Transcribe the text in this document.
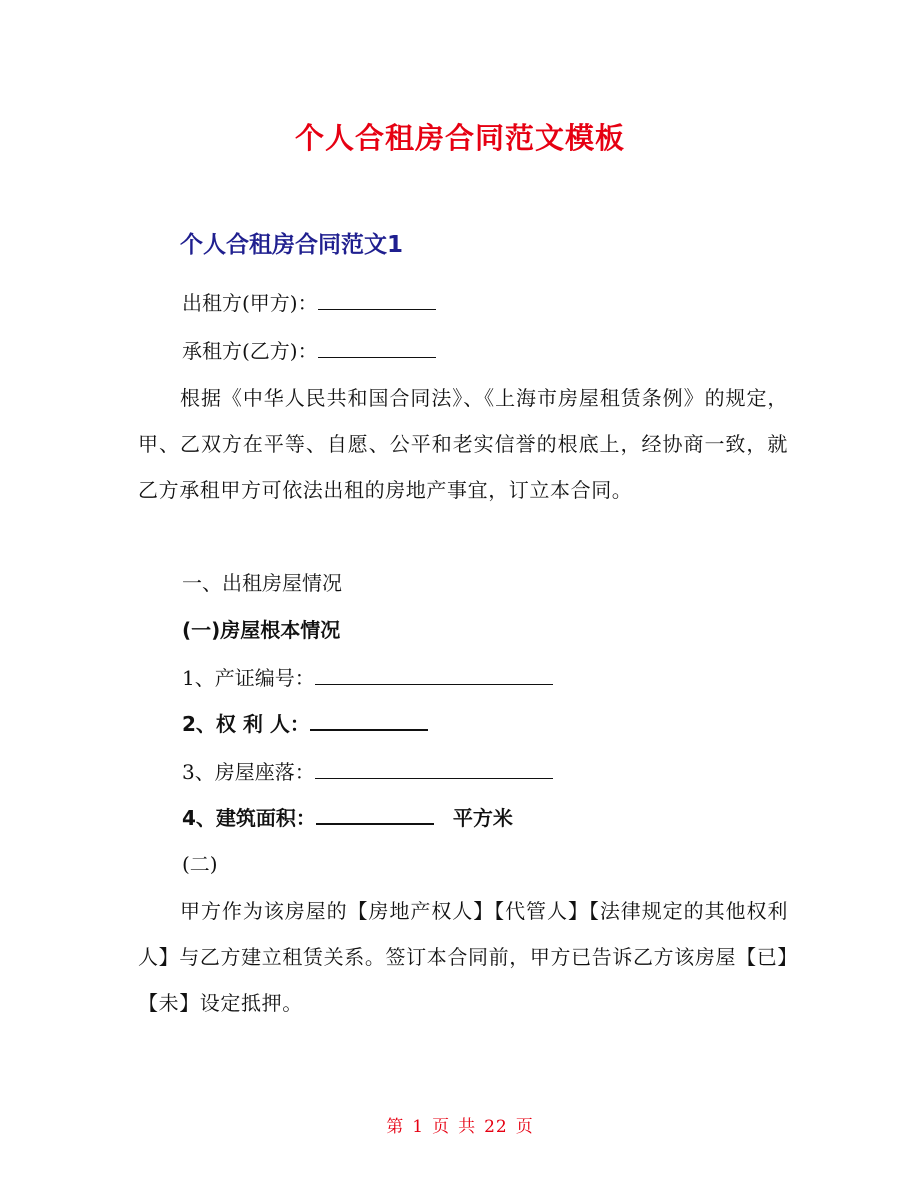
个人合租房合同范文模板
个人合租房合同范文1
出租方(甲方)：
承租方(乙方)：
根据《中华人民共和国合同法》、《上海市房屋租赁条例》的规定，甲、乙双方在平等、自愿、公平和老实信誉的根底上，经协商一致，就乙方承租甲方可依法出租的房地产事宜，订立本合同。
一、出租房屋情况
(一)房屋根本情况
1、产证编号：
2、权 利 人：
3、房屋座落：
4、建筑面积：	平方米
(二)
甲方作为该房屋的【房地产权人】【代管人】【法律规定的其他权利人】与乙方建立租赁关系。签订本合同前，甲方已告诉乙方该房屋【已】【未】设定抵押。
第 1 页 共 22 页
